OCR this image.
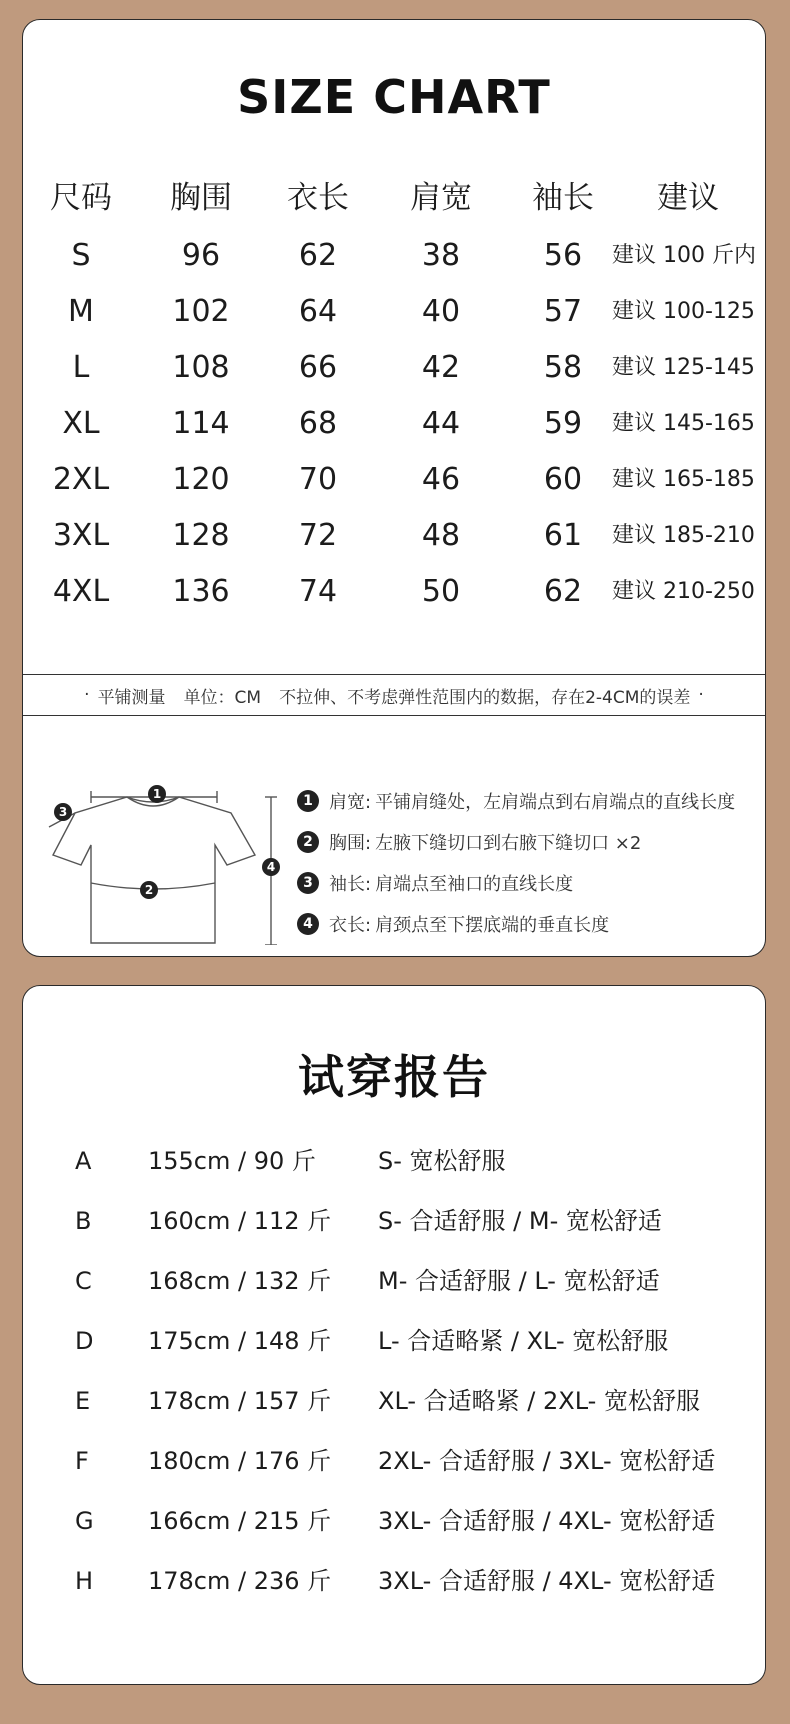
SIZE CHART
尺码	胸围	衣长	肩宽	袖长	建议
S	96	62	38	56	建议 100 斤内
M	102	64	40	57	建议 100-125
L	108	66	42	58	建议 125-145
XL	114	68	44	59	建议 145-165
2XL	120	70	46	60	建议 165-185
3XL	128	72	48	61	建议 185-210
4XL	136	74	50	62	建议 210-250
· 平铺测量 单位：CM 不拉伸、不考虑弹性范围内的数据，存在2-4CM的误差 ·
1
2
3
4
1 肩宽: 平铺肩缝处，左肩端点到右肩端点的直线长度
2 胸围: 左腋下缝切口到右腋下缝切口 ×2
3 袖长: 肩端点至袖口的直线长度
4 衣长: 肩颈点至下摆底端的垂直长度
试穿报告
A 155cm / 90 斤	S- 宽松舒服
B 160cm / 112 斤 S- 合适舒服 / M- 宽松舒适
C 168cm / 132 斤 M- 合适舒服 / L- 宽松舒适
D 175cm / 148 斤 L- 合适略紧 / XL- 宽松舒服
E 178cm / 157 斤 XL- 合适略紧 / 2XL- 宽松舒服
F 180cm / 176 斤 2XL- 合适舒服 / 3XL- 宽松舒适
G 166cm / 215 斤 3XL- 合适舒服 / 4XL- 宽松舒适
H 178cm / 236 斤 3XL- 合适舒服 / 4XL- 宽松舒适
